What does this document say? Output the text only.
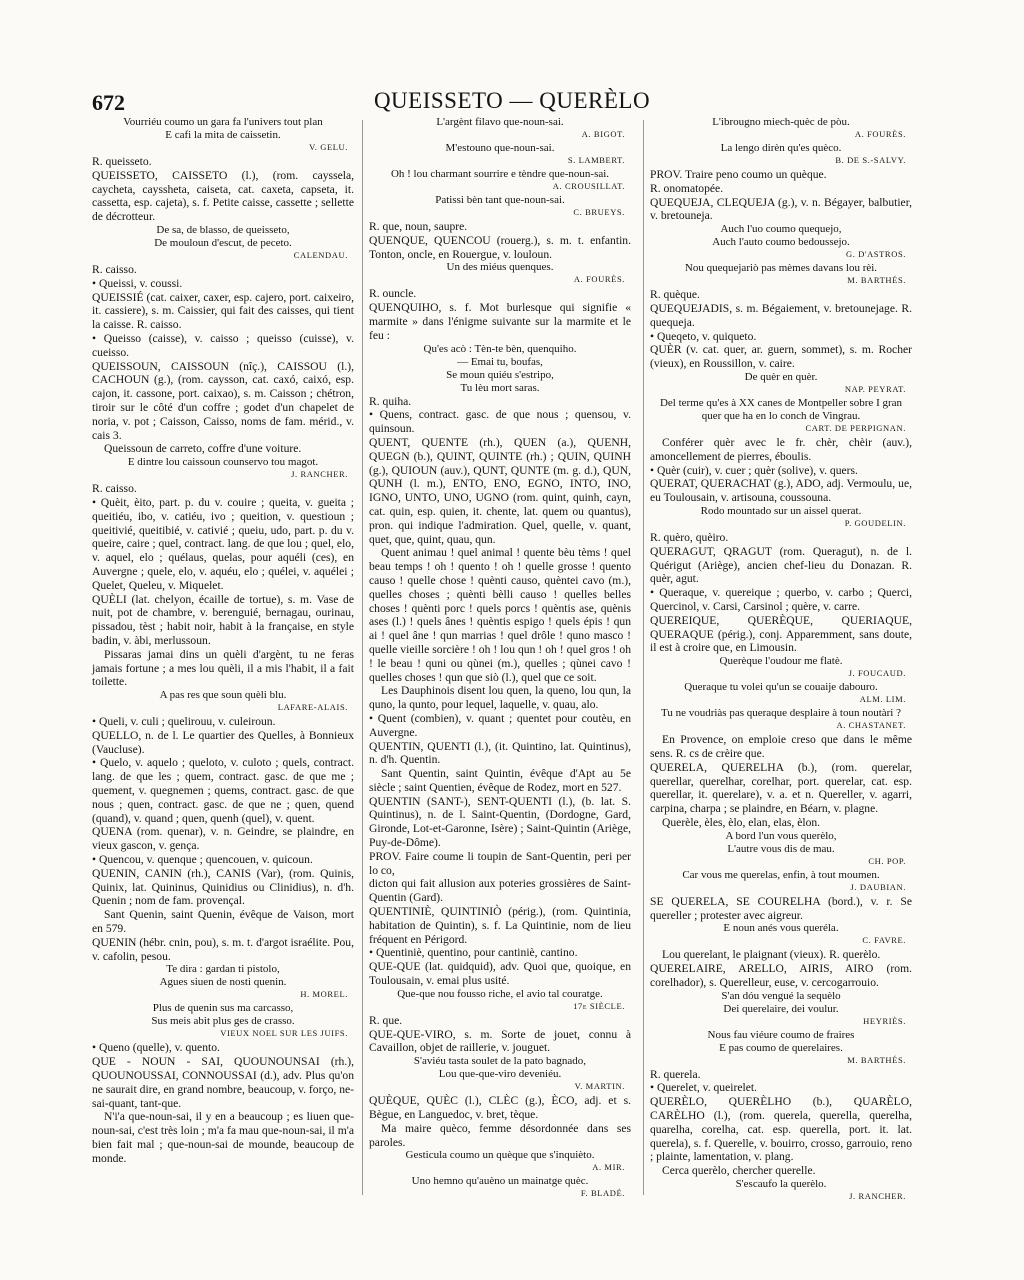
672	QUEISSETO — QUERÈLO

Vourriéu coumo un gara fa l'univers tout plan

E cafi la mita de caissetin.

V. GELU.

R. queisseto.

QUEISSETO, CAISSETO (l.), (rom. cayssela, caycheta, cayssheta, caiseta, cat. caxeta, capseta, it. cassetta, esp. cajeta), s. f. Petite caisse, cassette ; sellette de décrotteur.

De sa, de blasso, de queisseto,

De mouloun d'escut, de peceto.

CALENDAU.

R. caisso.

• Queissi, v. coussi.

QUEISSIÉ (cat. caixer, caxer, esp. cajero, port. caixeiro, it. cassiere), s. m. Caissier, qui fait des caisses, qui tient la caisse. R. caisso.

• Queisso (caisse), v. caisso ; queisso (cuisse), v. cueisso.

QUEISSOUN, CAISSOUN (nîç.), CAISSOU (l.), CACHOUN (g.), (rom. caysson, cat. caxó, caixó, esp. cajon, it. cassone, port. caixao), s. m. Caisson ; chétron, tiroir sur le côté d'un coffre ; godet d'un chapelet de noria, v. pot ; Caisson, Caisso, noms de fam. mérid., v. cais 3.

Queissoun de carreto, coffre d'une voiture.

E dintre lou caissoun counservo tou magot.

J. RANCHER.

R. caisso.

• Quèit, èito, part. p. du v. couire ; queita, v. gueita ; queitiéu, ibo, v. catiéu, ivo ; queition, v. questioun ; queitivié, queitibié, v. cativié ; queiu, udo, part. p. du v. queire, caire ; quel, contract. lang. de que lou ; quel, elo, v. aquel, elo ; quélaus, quelas, pour aquéli (ces), en Auvergne ; quele, elo, v. aquéu, elo ; quélei, v. aquélei ; Quelet, Queleu, v. Miquelet.

QUÈLI (lat. chelyon, écaille de tortue), s. m. Vase de nuit, pot de chambre, v. berenguié, bernagau, ourinau, pissadou, tèst ; habit noir, habit à la française, en style badin, v. àbi, merlussoun.

Pissaras jamai dins un quèli d'argènt, tu ne feras jamais fortune ; a mes lou quèli, il a mis l'habit, il a fait toilette.

A pas res que soun quèli blu.

LAFARE-ALAIS.

• Queli, v. culi ; quelirouu, v. culeiroun.

QUELLO, n. de l. Le quartier des Quelles, à Bonnieux (Vaucluse).

• Quelo, v. aquelo ; queloto, v. culoto ; quels, contract. lang. de que les ; quem, contract. gasc. de que me ; quement, v. quegnemen ; quems, contract. gasc. de que nous ; quen, contract. gasc. de que ne ; quen, quend (quand), v. quand ; quen, quenh (quel), v. quent.

QUENA (rom. quenar), v. n. Geindre, se plaindre, en vieux gascon, v. gença.

• Quencou, v. quenque ; quencouen, v. quicoun.

QUENIN, CANIN (rh.), CANIS (Var), (rom. Quinis, Quinix, lat. Quininus, Quinidius ou Clinidius), n. d'h. Quenin ; nom de fam. provençal.

Sant Quenin, saint Quenin, évêque de Vaison, mort en 579.

QUENIN (hébr. cnin, pou), s. m. t. d'argot israélite. Pou, v. cafolin, pesou.

Te dira : gardan ti pistolo,

Agues siuen de nosti quenin.

H. MOREL.

Plus de quenin sus ma carcasso,

Sus meis abit plus ges de crasso.

VIEUX NOEL SUR LES JUIFS.

• Queno (quelle), v. quento.

QUE - NOUN - SAI, QUOUNOUNSAI (rh.), QUOUNOUSSAI, CONNOUSSAI (d.), adv. Plus qu'on ne saurait dire, en grand nombre, beaucoup, v. forço, ne-sai-quant, tant-que.

N'i'a que-noun-sai, il y en a beaucoup ; es liuen que-noun-sai, c'est très loin ; m'a fa mau que-noun-sai, il m'a bien fait mal ; que-noun-sai de mounde, beaucoup de monde.

L'argènt filavo que-noun-sai.

A. BIGOT.

M'estouno que-noun-sai.

S. LAMBERT.

Oh ! lou charmant sourrire e tèndre que-noun-sai.

A. CROUSILLAT.

Patissi bèn tant que-noun-sai.

C. BRUEYS.

R. que, noun, saupre.

QUENQUE, QUENCOU (rouerg.), s. m. t. enfantin. Tonton, oncle, en Rouergue, v. louloun.

Un des miéus quenques.

A. FOURÈS.

R. ouncle.

QUENQUIHO, s. f. Mot burlesque qui signifie « marmite » dans l'énigme suivante sur la marmite et le feu :

Qu'es acò : Tèn-te bèn, quenquiho.

— Emai tu, boufas,

Se moun quiéu s'estripo,

Tu lèu mort saras.

R. quiha.

• Quens, contract. gasc. de que nous ; quensou, v. quinsoun.

QUENT, QUENTE (rh.), QUEN (a.), QUENH, QUEGN (b.), QUINT, QUINTE (rh.) ; QUIN, QUINH (g.), QUIOUN (auv.), QUNT, QUNTE (m. g. d.), QUN, QUNH (l. m.), ENTO, ENO, EGNO, INTO, INO, IGNO, UNTO, UNO, UGNO (rom. quint, quinh, cayn, cat. quin, esp. quien, it. chente, lat. quem ou quantus), pron. qui indique l'admiration. Quel, quelle, v. quant, quet, que, quint, quau, qun.

Quent animau ! quel animal ! quente bèu tèms ! quel beau temps ! oh ! quento ! oh ! quelle grosse ! quento causo ! quelle chose ! quènti causo, quèntei cavo (m.), quelles choses ; quènti bèlli causo ! quelles belles choses ! quènti porc ! quels porcs ! quèntis ase, quènis ases (l.) ! quels ânes ! quèntis espigo ! quels épis ! qun ai ! quel âne ! qun marrias ! quel drôle ! quno masco ! quelle vieille sorcière ! oh ! lou qun ! oh ! quel gros ! oh ! le beau ! quni ou qùnei (m.), quelles ; qùnei cavo ! quelles choses ! qun que siò (l.), quel que ce soit.

Les Dauphinois disent lou quen, la queno, lou qun, la quno, la qunto, pour lequel, laquelle, v. quau, alo.

• Quent (combien), v. quant ; quentet pour coutèu, en Auvergne.

QUENTIN, QUENTI (l.), (it. Quintino, lat. Quintinus), n. d'h. Quentin.

Sant Quentin, saint Quintin, évêque d'Apt au 5e siècle ; saint Quentien, évêque de Rodez, mort en 527.

QUENTIN (SANT-), SENT-QUENTI (l.), (b. lat. S. Quintinus), n. de l. Saint-Quentin, (Dordogne, Gard, Gironde, Lot-et-Garonne, Isère) ; Saint-Quintin (Ariège, Puy-de-Dôme).

PROV. Faire coume li toupin de Sant-Quentin, peri per lo co,

dicton qui fait allusion aux poteries grossières de Saint-Quentin (Gard).

QUENTINIÈ, QUINTINIÒ (périg.), (rom. Quintinia, habitation de Quintin), s. f. La Quintinie, nom de lieu fréquent en Périgord.

• Quentiniè, quentino, pour cantiniè, cantino.

QUE-QUE (lat. quidquid), adv. Quoi que, quoique, en Toulousain, v. emai plus usité.

Que-que nou fousso riche, el avio tal couratge.

17e SIÈCLE.

R. que.

QUE-QUE-VIRO, s. m. Sorte de jouet, connu à Cavaillon, objet de raillerie, v. jouguet.

S'aviéu tasta soulet de la pato bagnado,

Lou que-que-viro deveniéu.

V. MARTIN.

QUÈQUE, QUÈC (l.), CLÈC (g.), ÈCO, adj. et s. Bègue, en Languedoc, v. bret, tèque.

Ma maire quèco, femme désordonnée dans ses paroles.

Gesticula coumo un quèque que s'inquièto.

A. MIR.

Uno hemno qu'auèno un mainatge quèc.

F. BLADÉ.

L'ibrougno miech-quèc de pòu.

A. FOURÈS.

La lengo dirèn qu'es quèco.

B. DE S.-SALVY.

PROV. Traire peno coumo un quèque.

R. onomatopée.

QUEQUEJA, CLEQUEJA (g.), v. n. Bégayer, balbutier, v. bretouneja.

Auch l'uo coumo quequejo,

Auch l'auto coumo bedoussejo.

G. D'ASTROS.

Nou quequejariò pas mèmes davans lou rèi.

M. BARTHÉS.

R. quèque.

QUEQUEJADIS, s. m. Bégaiement, v. bretounejage. R. quequeja.

• Queqeto, v. quiqueto.

QUÈR (v. cat. quer, ar. guern, sommet), s. m. Rocher (vieux), en Roussillon, v. caire.

De quèr en quèr.

NAP. PEYRAT.

Del terme qu'es à XX canes de Montpeller sobre I gran quer que ha en lo conch de Vingrau.

CART. DE PERPIGNAN.

Conférer quèr avec le fr. chèr, chèir (auv.), amoncellement de pierres, éboulis.

• Quèr (cuir), v. cuer ; quèr (solive), v. quers.

QUERAT, QUERACHAT (g.), ADO, adj. Vermoulu, ue, eu Toulousain, v. artisouna, coussouna.

Rodo mountado sur un aissel querat.

P. GOUDELIN.

R. quèro, quèiro.

QUERAGUT, QRAGUT (rom. Queragut), n. de l. Quérigut (Ariège), ancien chef-lieu du Donazan. R. quèr, agut.

• Queraque, v. quereique ; querbo, v. carbo ; Querci, Quercinol, v. Carsi, Carsinol ; quère, v. carre.

QUEREIQUE, QUERÈQUE, QUERIAQUE, QUERAQUE (périg.), conj. Apparemment, sans doute, il est à croire que, en Limousin.

Querèque l'oudour me flatè.

J. FOUCAUD.

Queraque tu volei qu'un se couaije dabouro.

ALM. LIM.

Tu ne voudriàs pas queraque desplaire à toun noutàri ?

A. CHASTANET.

En Provence, on emploie creso que dans le même sens. R. cs de crèire que.

QUERELA, QUERELHA (b.), (rom. querelar, querellar, querelhar, corelhar, port. querelar, cat. esp. querellar, it. querelare), v. a. et n. Quereller, v. agarri, carpina, charpa ; se plaindre, en Béarn, v. plagne.

Querèle, èles, èlo, elan, elas, èlon.

A bord l'un vous querèlo,

L'autre vous dis de mau.

CH. POP.

Car vous me querelas, enfin, à tout moumen.

J. DAUBIAN.

SE QUERELA, SE COURELHA (bord.), v. r. Se quereller ; protester avec aigreur.

E noun anés vous queréla.

C. FAVRE.

Lou querelant, le plaignant (vieux). R. querèlo.

QUERELAIRE, ARELLO, AIRIS, AIRO (rom. corelhador), s. Querelleur, euse, v. cercogarrouio.

S'an dóu vengué la sequèlo

Dei querelaire, dei voulur.

HEYRIÈS.

Nous fau viéure coumo de fraires

E pas coumo de querelaires.

M. BARTHÉS.

R. querela.

• Querelet, v. queirelet.

QUERÈLO, QUERÈLHO (b.), QUARÈLO, CARÈLHO (l.), (rom. querela, querella, querelha, quarelha, corelha, cat. esp. querella, port. it. lat. querela), s. f. Querelle, v. bouirro, crosso, garrouio, reno ; plainte, lamentation, v. plang.

Cerca querèlo, chercher querelle.

S'escaufo la querèlo.

J. RANCHER.
